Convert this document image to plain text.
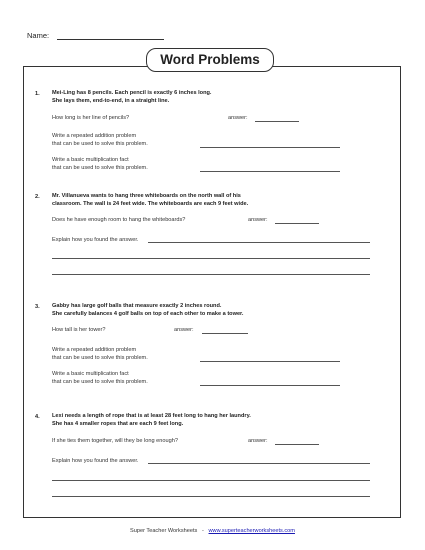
Name:
Word Problems
1. Mei-Ling has 8 pencils. Each pencil is exactly 6 inches long.
She lays them, end-to-end, in a straight line.
How long is her line of pencils?	answer:
Write a repeated addition problem
that can be used to solve this problem.
Write a basic multiplication fact
that can be used to solve this problem.
2. Mr. Villanueva wants to hang three whiteboards on the north wall of his
classroom. The wall is 24 feet wide. The whiteboards are each 9 feet wide.
Does he have enough room to hang the whiteboards?	answer:
Explain how you found the answer.
3. Gabby has large golf balls that measure exactly 2 inches round.
She carefully balances 4 golf balls on top of each other to make a tower.
How tall is her tower?	answer:
Write a repeated addition problem
that can be used to solve this problem.
Write a basic multiplication fact
that can be used to solve this problem.
4. Lexi needs a length of rope that is at least 28 feet long to hang her laundry.
She has 4 smaller ropes that are each 9 feet long.
If she ties them together, will they be long enough?	answer:
Explain how you found the answer.
Super Teacher Worksheets - www.superteacherworksheets.com
